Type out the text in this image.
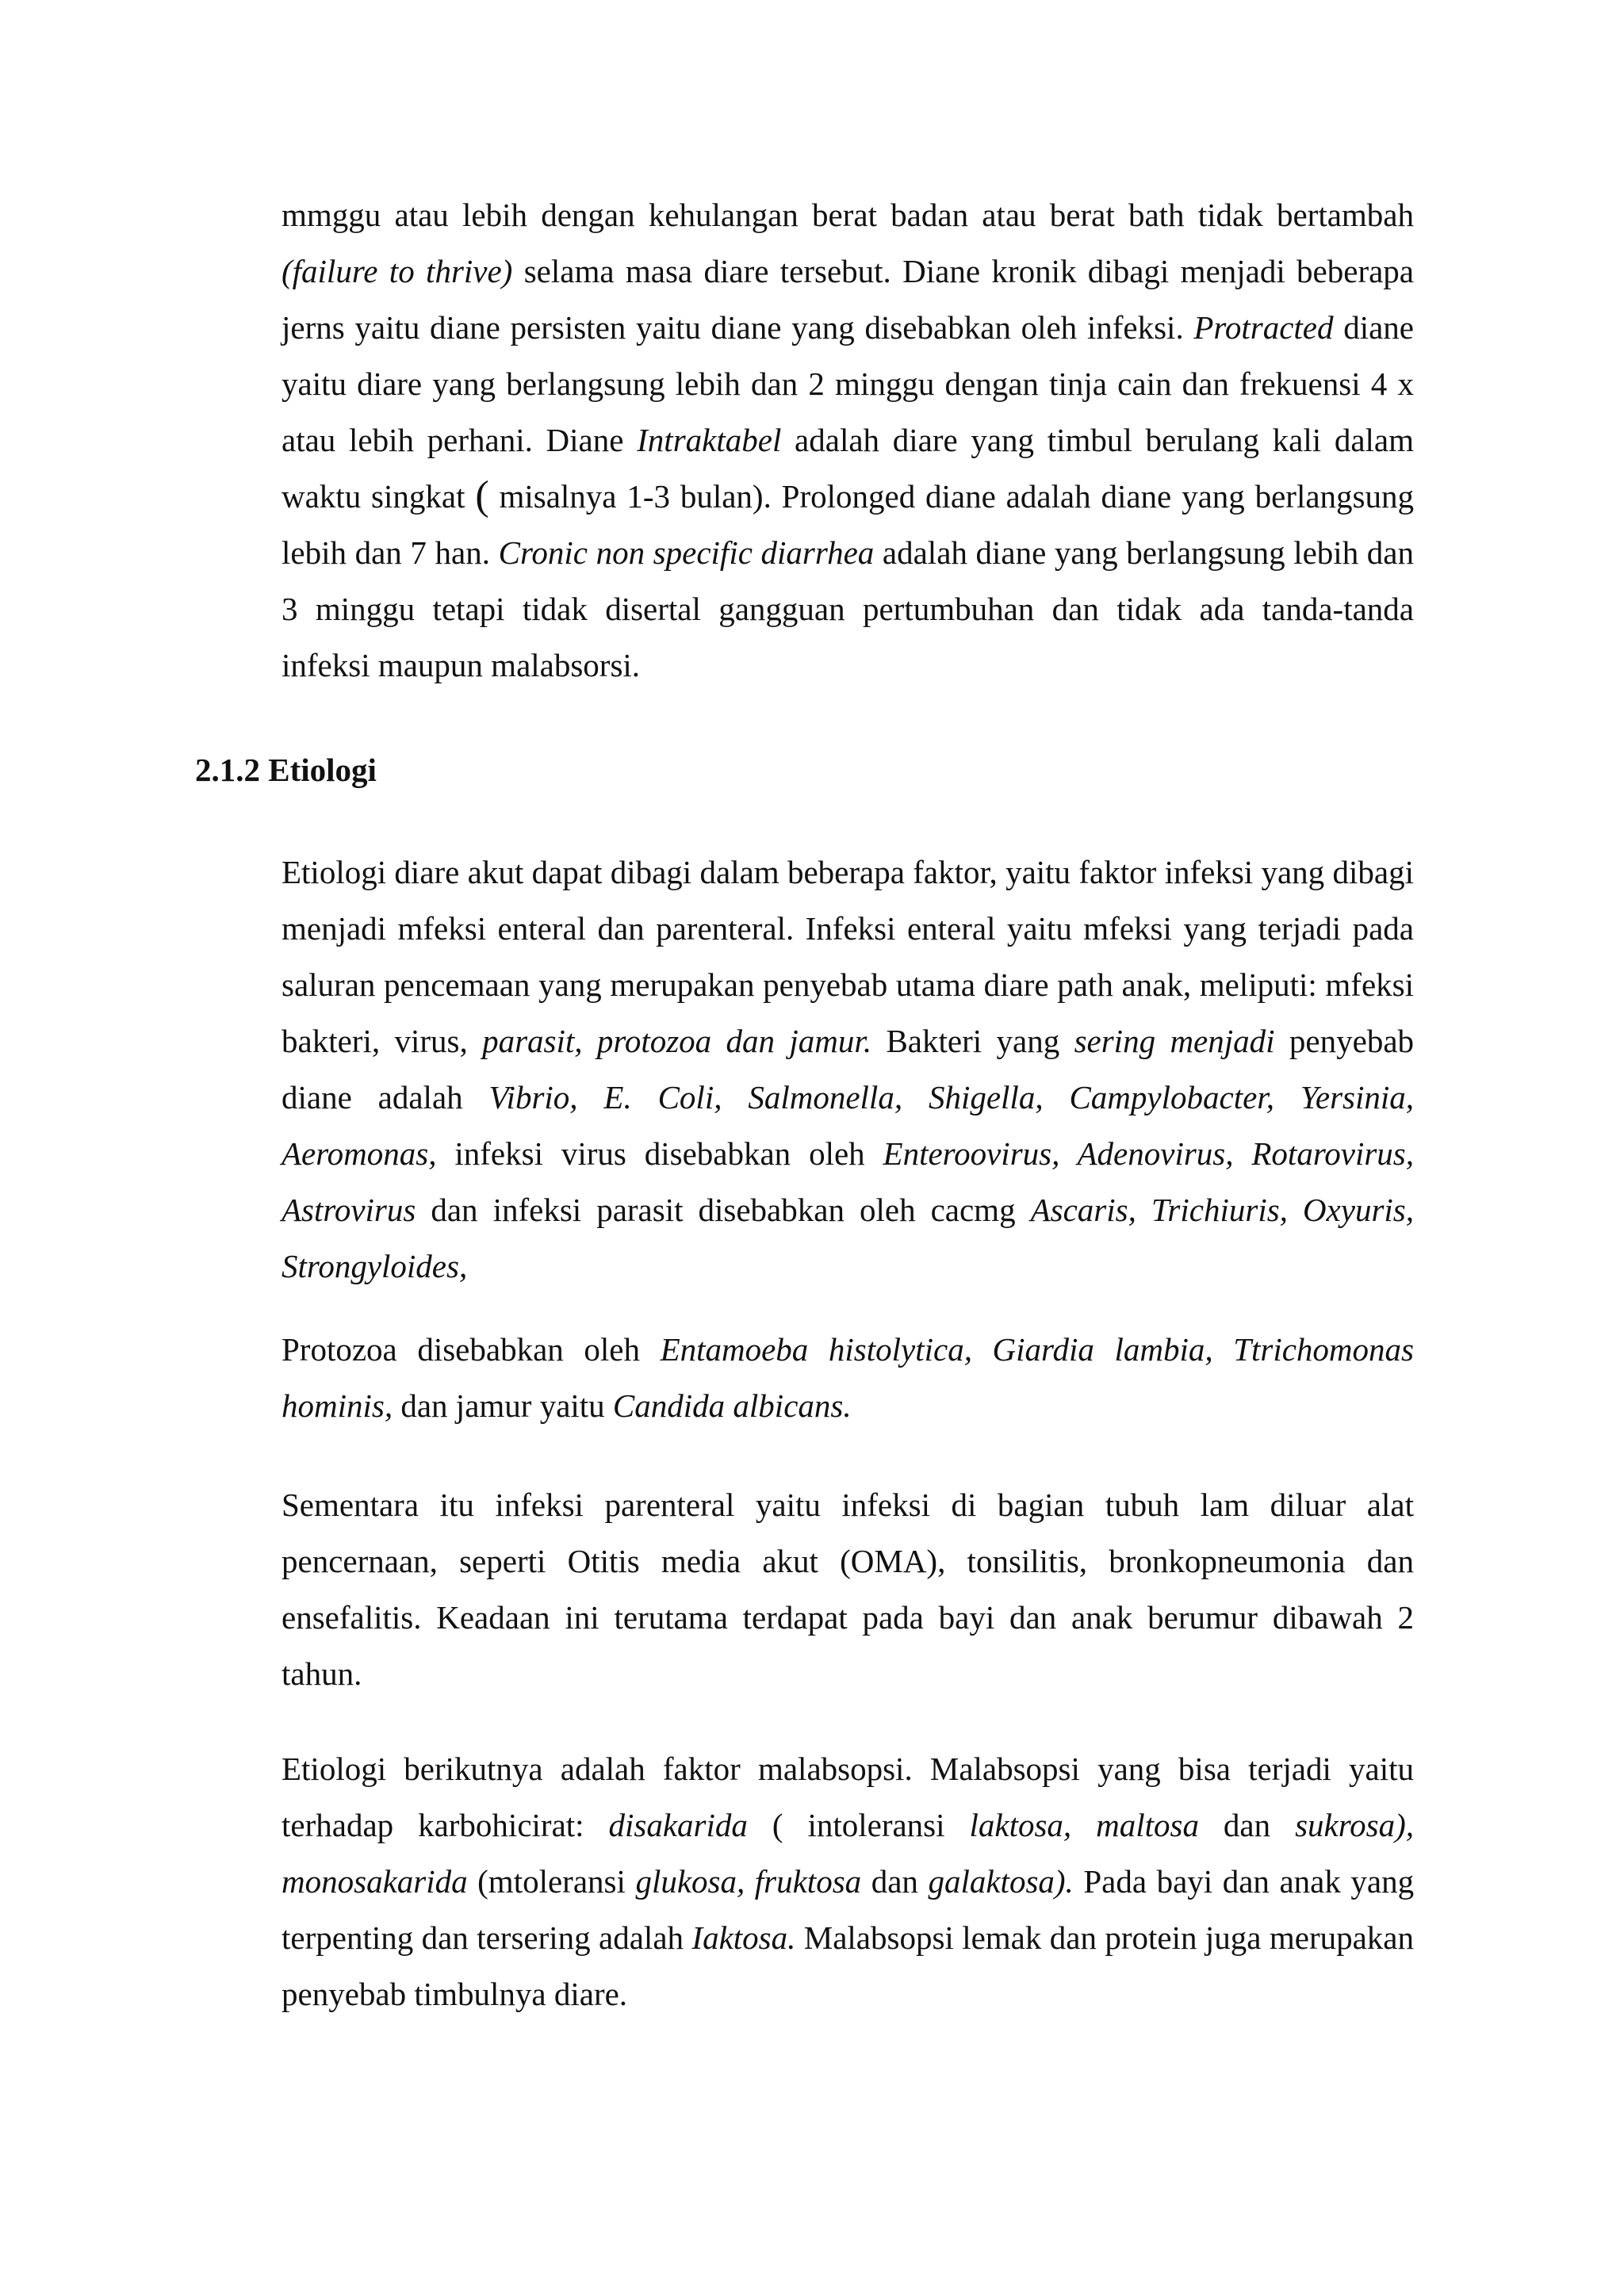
mmggu atau lebih dengan kehulangan berat badan atau berat bath tidak bertambah (failure to thrive) selama masa diare tersebut. Diane kronik dibagi menjadi beberapa jerns yaitu diane persisten yaitu diane yang disebabkan oleh infeksi. Protracted diane yaitu diare yang berlangsung lebih dan 2 minggu dengan tinja cain dan frekuensi 4 x atau lebih perhani. Diane Intraktabel adalah diare yang timbul berulang kali dalam waktu singkat ( misalnya 1-3 bulan). Prolonged diane adalah diane yang berlangsung lebih dan 7 han. Cronic non specific diarrhea adalah diane yang berlangsung lebih dan 3 minggu tetapi tidak disertal gangguan pertumbuhan dan tidak ada tanda-tanda infeksi maupun malabsorsi.

2.1.2 Etiologi

Etiologi diare akut dapat dibagi dalam beberapa faktor, yaitu faktor infeksi yang dibagi menjadi mfeksi enteral dan parenteral. Infeksi enteral yaitu mfeksi yang terjadi pada saluran pencemaan yang merupakan penyebab utama diare path anak, meliputi: mfeksi bakteri, virus, parasit, protozoa dan jamur. Bakteri yang sering menjadi penyebab diane adalah Vibrio, E. Coli, Salmonella, Shigella, Campylobacter, Yersinia, Aeromonas, infeksi virus disebabkan oleh Enteroovirus, Adenovirus, Rotarovirus, Astrovirus dan infeksi parasit disebabkan oleh cacmg Ascaris, Trichiuris, Oxyuris, Strongyloides,

Protozoa disebabkan oleh Entamoeba histolytica, Giardia lambia, Ttrichomonas hominis, dan jamur yaitu Candida albicans.

Sementara itu infeksi parenteral yaitu infeksi di bagian tubuh lam diluar alat pencernaan, seperti Otitis media akut (OMA), tonsilitis, bronkopneumonia dan ensefalitis. Keadaan ini terutama terdapat pada bayi dan anak berumur dibawah 2 tahun.

Etiologi berikutnya adalah faktor malabsopsi. Malabsopsi yang bisa terjadi yaitu terhadap karbohicirat: disakarida ( intoleransi laktosa, maltosa dan sukrosa), monosakarida (mtoleransi glukosa, fruktosa dan galaktosa). Pada bayi dan anak yang terpenting dan tersering adalah Iaktosa. Malabsopsi lemak dan protein juga merupakan penyebab timbulnya diare.
